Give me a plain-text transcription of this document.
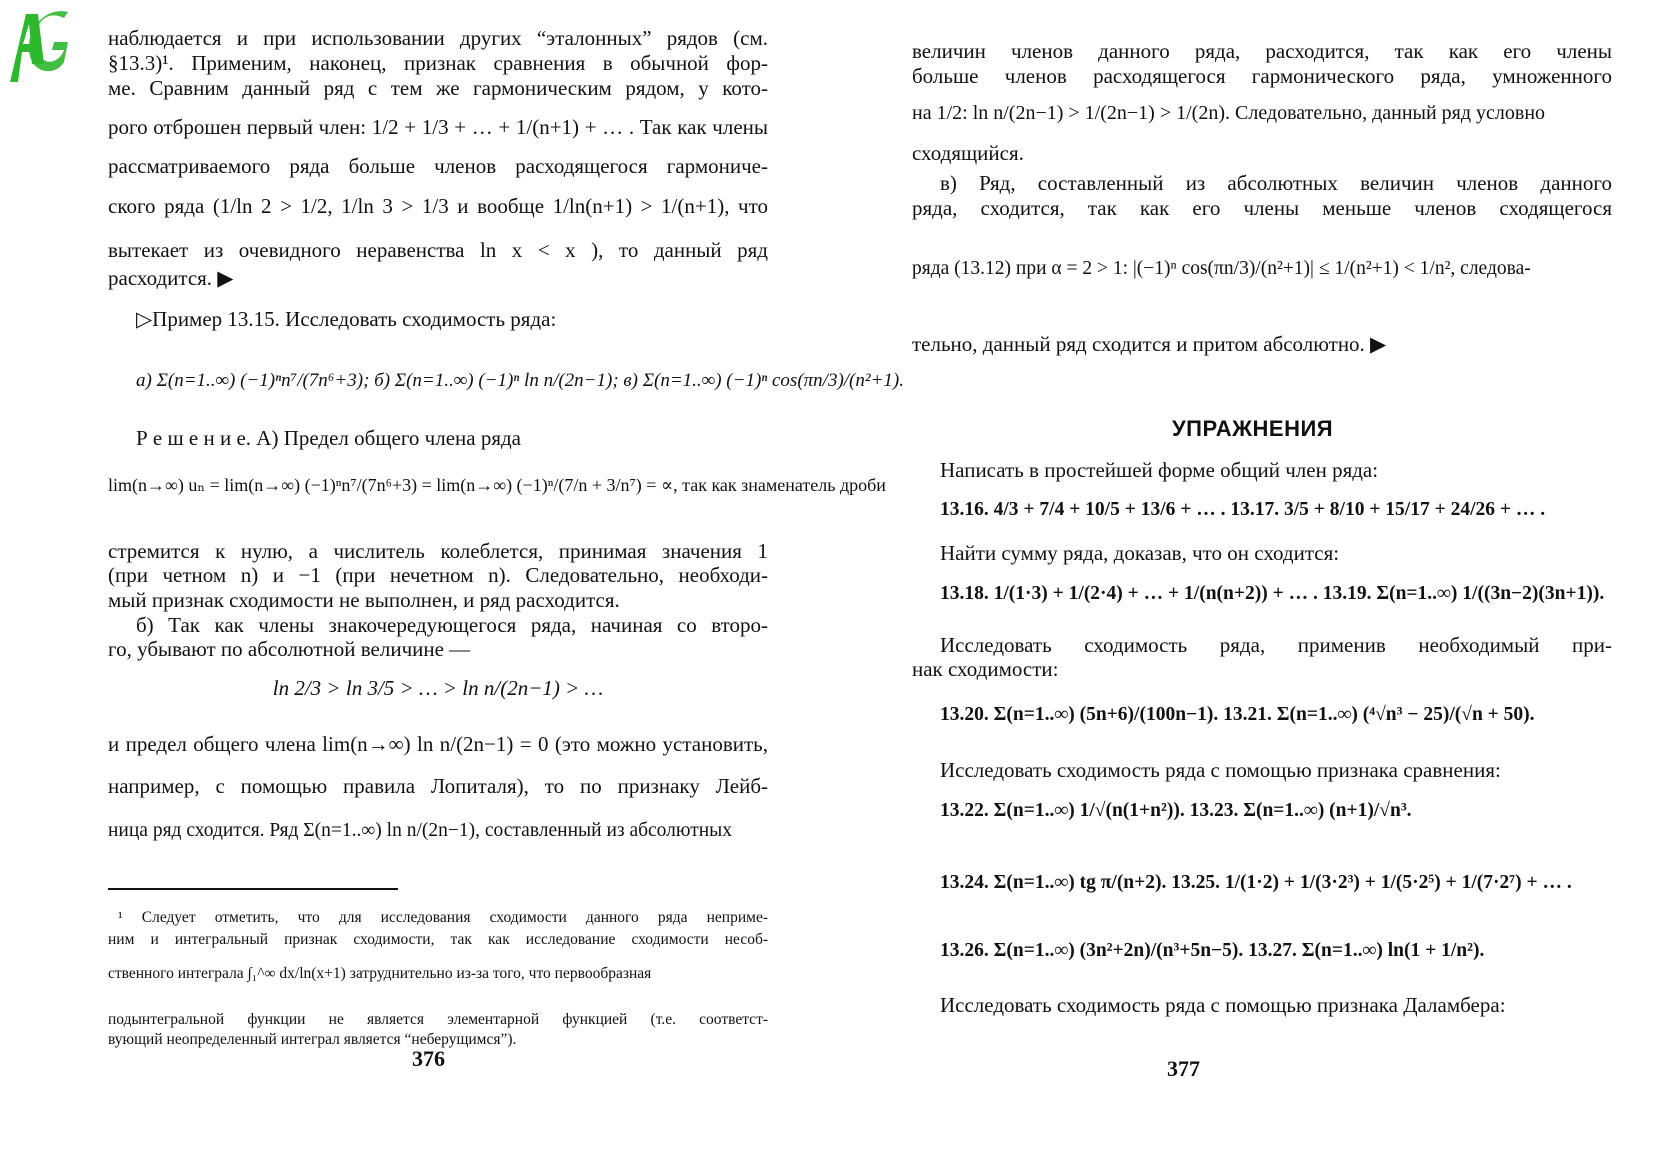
наблюдается и при использовании других “эталонных” рядов (см.
§13.3)¹. Применим, наконец, признак сравнения в обычной фор-
ме. Сравним данный ряд с тем же гармоническим рядом, у кото-
рого отброшен первый член: 1/2 + 1/3 + … + 1/(n+1) + … . Так как члены
рассматриваемого ряда больше членов расходящегося гармониче-
ского ряда (1/ln 2 > 1/2, 1/ln 3 > 1/3 и вообще 1/ln(n+1) > 1/(n+1), что
вытекает из очевидного неравенства ln x < x ), то данный ряд
расходится. ▶
▷Пример 13.15. Исследовать сходимость ряда:
а) Σ(n=1..∞) (−1)ⁿn⁷/(7n⁶+3); б) Σ(n=1..∞) (−1)ⁿ ln n/(2n−1); в) Σ(n=1..∞) (−1)ⁿ cos(πn/3)/(n²+1).
Р е ш е н и е. А) Предел общего члена ряда
lim(n→∞) uₙ = lim(n→∞) (−1)ⁿn⁷/(7n⁶+3) = lim(n→∞) (−1)ⁿ/(7/n + 3/n⁷) = ∝, так как знаменатель дроби
стремится к нулю, а числитель колеблется, принимая значения 1
(при четном n) и −1 (при нечетном n). Следовательно, необходи-
мый признак сходимости не выполнен, и ряд расходится.
б) Так как члены знакочередующегося ряда, начиная со второ-
го, убывают по абсолютной величине —
ln 2/3 > ln 3/5 > … > ln n/(2n−1) > …
и предел общего члена lim(n→∞) ln n/(2n−1) = 0 (это можно установить,
например, с помощью правила Лопиталя), то по признаку Лейб-
ница ряд сходится. Ряд Σ(n=1..∞) ln n/(2n−1), составленный из абсолютных
¹ Следует отметить, что для исследования сходимости данного ряда непримe-
ним и интегральный признак сходимости, так как исследование сходимости несоб-
ственного интеграла ∫₁^∞ dx/ln(x+1) затруднительно из-за того, что первообразная
подынтегральной функции не является элементарной функцией (т.е. соответст-
вующий неопределенный интеграл является “неберущимся”).
376
величин членов данного ряда, расходится, так как его члены
больше членов расходящегося гармонического ряда, умноженного
на 1/2: ln n/(2n−1) > 1/(2n−1) > 1/(2n). Следовательно, данный ряд условно
сходящийся.
в) Ряд, составленный из абсолютных величин членов данного
ряда, сходится, так как его члены меньше членов сходящегося
ряда (13.12) при α = 2 > 1: |(−1)ⁿ cos(πn/3)/(n²+1)| ≤ 1/(n²+1) < 1/n², следова-
тельно, данный ряд сходится и притом абсолютно. ▶
УПРАЖНЕНИЯ
Написать в простейшей форме общий член ряда:
13.16. 4/3 + 7/4 + 10/5 + 13/6 + … . 13.17. 3/5 + 8/10 + 15/17 + 24/26 + … .
Найти сумму ряда, доказав, что он сходится:
13.18. 1/(1·3) + 1/(2·4) + … + 1/(n(n+2)) + … . 13.19. Σ(n=1..∞) 1/((3n−2)(3n+1)).
Исследовать сходимость ряда, применив необходимый при-
нак сходимости:
13.20. Σ(n=1..∞) (5n+6)/(100n−1). 13.21. Σ(n=1..∞) (⁴√n³ − 25)/(√n + 50).
Исследовать сходимость ряда с помощью признака сравнения:
13.22. Σ(n=1..∞) 1/√(n(1+n²)). 13.23. Σ(n=1..∞) (n+1)/√n³.
13.24. Σ(n=1..∞) tg π/(n+2). 13.25. 1/(1·2) + 1/(3·2³) + 1/(5·2⁵) + 1/(7·2⁷) + … .
13.26. Σ(n=1..∞) (3n²+2n)/(n³+5n−5). 13.27. Σ(n=1..∞) ln(1 + 1/n²).
Исследовать сходимость ряда с помощью признака Даламбера:
377
